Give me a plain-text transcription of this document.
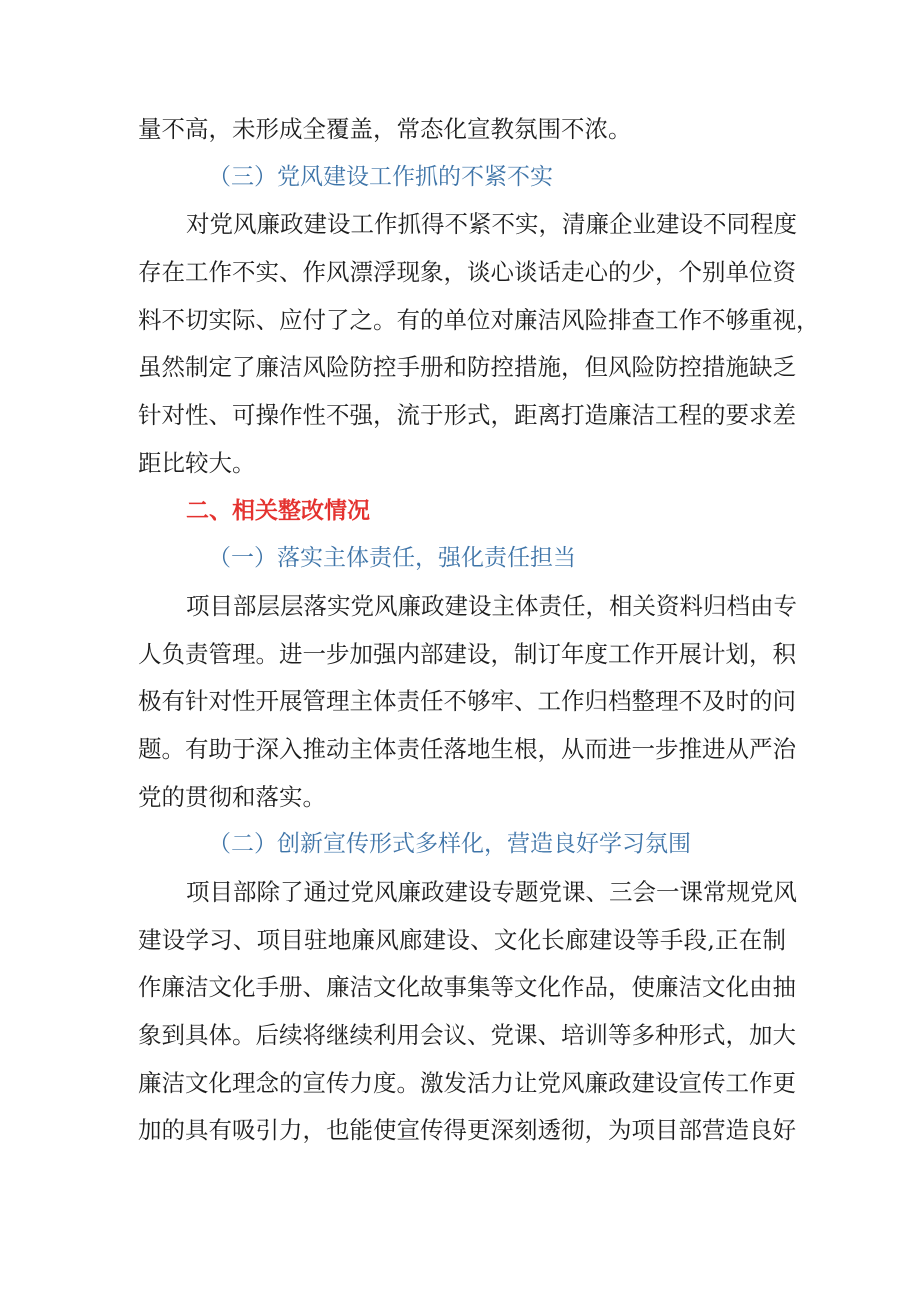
量不高，未形成全覆盖，常态化宣教氛围不浓。
（三）党风建设工作抓的不紧不实
对党风廉政建设工作抓得不紧不实，清廉企业建设不同程度
存在工作不实、作风漂浮现象，谈心谈话走心的少，个别单位资
料不切实际、应付了之。有的单位对廉洁风险排查工作不够重视，
虽然制定了廉洁风险防控手册和防控措施，但风险防控措施缺乏
针对性、可操作性不强，流于形式，距离打造廉洁工程的要求差
距比较大。
二、相关整改情况
（一）落实主体责任，强化责任担当
项目部层层落实党风廉政建设主体责任，相关资料归档由专
人负责管理。进一步加强内部建设，制订年度工作开展计划，积
极有针对性开展管理主体责任不够牢、工作归档整理不及时的问
题。有助于深入推动主体责任落地生根，从而进一步推进从严治
党的贯彻和落实。
（二）创新宣传形式多样化，营造良好学习氛围
项目部除了通过党风廉政建设专题党课、三会一课常规党风
建设学习、项目驻地廉风廊建设、文化长廊建设等手段,正在制
作廉洁文化手册、廉洁文化故事集等文化作品，使廉洁文化由抽
象到具体。后续将继续利用会议、党课、培训等多种形式，加大
廉洁文化理念的宣传力度。激发活力让党风廉政建设宣传工作更
加的具有吸引力，也能使宣传得更深刻透彻，为项目部营造良好
